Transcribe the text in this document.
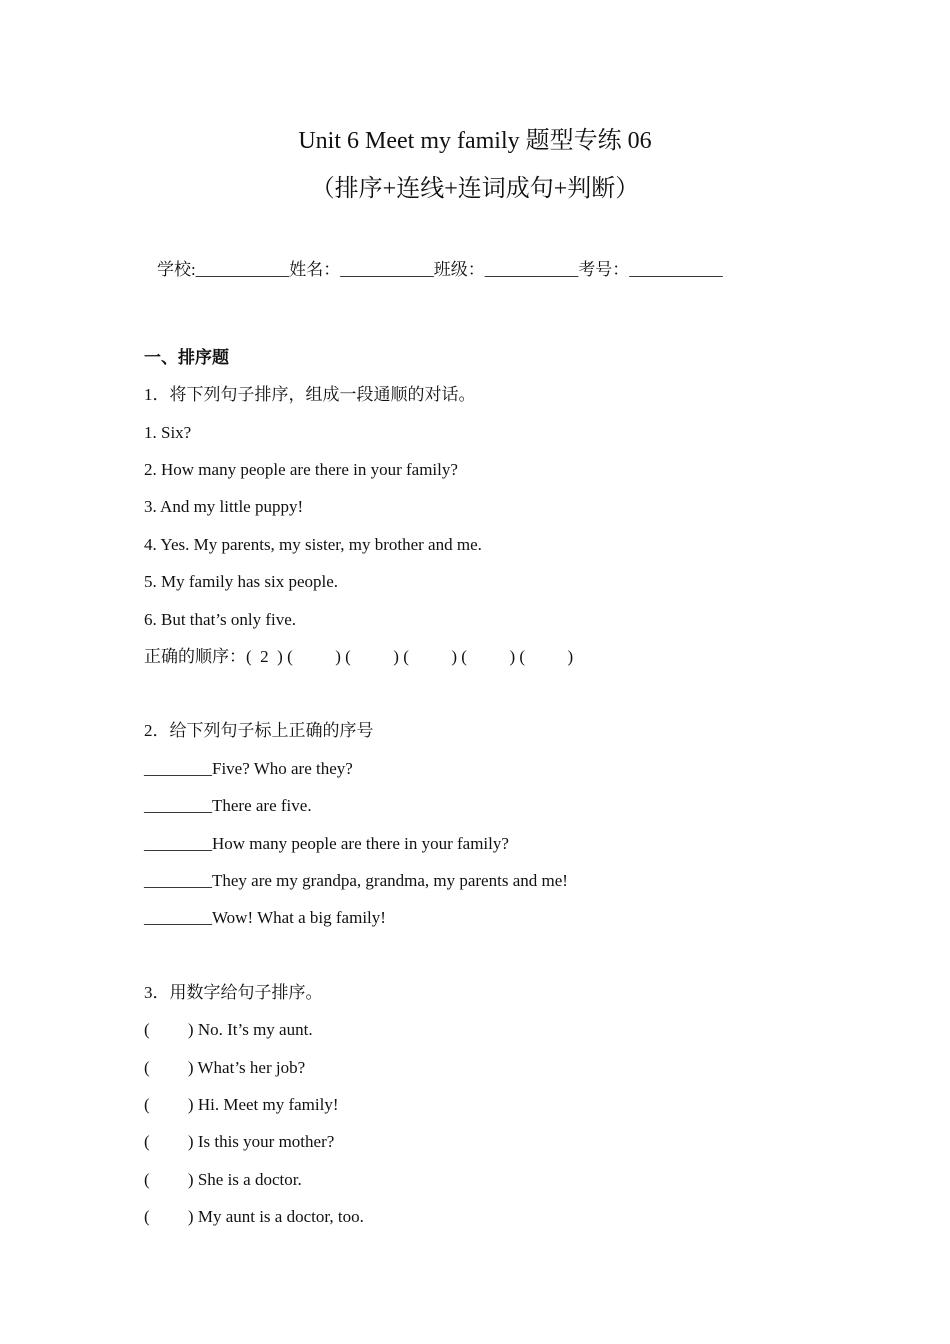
Unit 6 Meet my family 题型专练 06
（排序+连线+连词成句+判断）
学校:___________姓名：___________班级：___________考号：___________
一、排序题
1．将下列句子排序，组成一段通顺的对话。
1. Six?
2. How many people are there in your family?
3. And my little puppy!
4. Yes. My parents, my sister, my brother and me.
5. My family has six people.
6. But that’s only five.
正确的顺序：(  2  ) (          ) (          ) (          ) (          ) (          )
2．给下列句子标上正确的序号
________Five? Who are they?
________There are five.
________How many people are there in your family?
________They are my grandpa, grandma, my parents and me!
________Wow! What a big family!
3．用数字给句子排序。
(         ) No. It’s my aunt.
(         ) What’s her job?
(         ) Hi. Meet my family!
(         ) Is this your mother?
(         ) She is a doctor.
(         ) My aunt is a doctor, too.
